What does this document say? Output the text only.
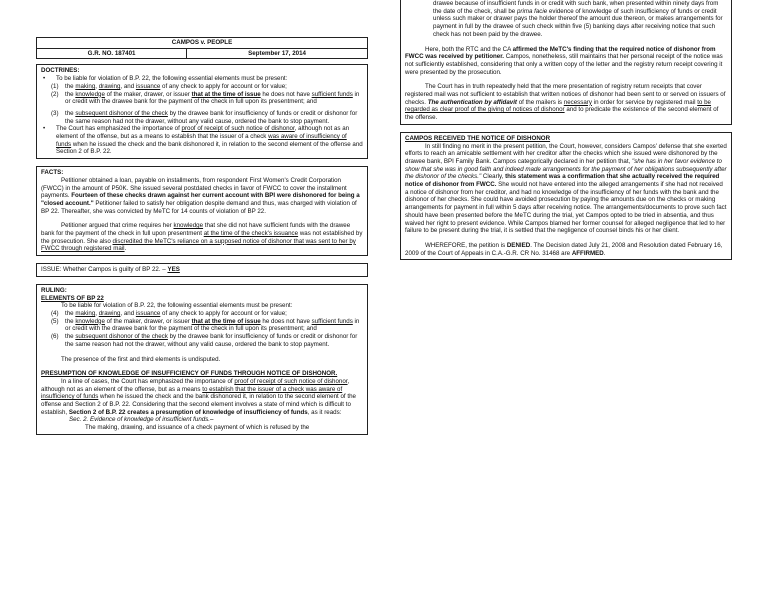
CAMPOS v. PEOPLE
G.R. NO. 187401	September 17, 2014

DOCTRINES:

•	To be liable for violation of B.P. 22, the following essential elements must be present:
(1)	the making, drawing, and issuance of any check to apply for account or for value;
(2)	the knowledge of the maker, drawer, or issuer that at the time of issue he does not have sufficient funds in or credit with the drawee bank for the payment of the check in full upon its presentment; and
(3)	the subsequent dishonor of the check by the drawee bank for insufficiency of funds or credit or dishonor for the same reason had not the drawer, without any valid cause, ordered the bank to stop payment.
•	The Court has emphasized the importance of proof of receipt of such notice of dishonor, although not as an element of the offense, but as a means to establish that the issuer of a check was aware of insufficiency of funds when he issued the check and the bank dishonored it, in relation to the second element of the offense and Section 2 of B.P. 22.

FACTS:

Petitioner obtained a loan, payable on installments, from respondent First Women's Credit Corporation (FWCC) in the amount of P50K. She issued several postdated checks in favor of FWCC to cover the installment payments. Fourteen of these checks drawn against her current account with BPI were dishonored for being a "closed account." Petitioner failed to satisfy her obligation despite demand and thus, was charged with violation of BP 22. Thereafter, she was convicted by MeTC for 14 counts of violation of BP 22.

Petitioner argued that crime requires her knowledge that she did not have sufficient funds with the drawee bank for the payment of the check in full upon presentment at the time of the check's issuance was not established by the prosecution. She also discredited the MeTC's reliance on a supposed notice of dishonor that was sent to her by FWCC through registered mail.

ISSUE: Whether Campos is guilty of BP 22. – YES

RULING:

ELEMENTS OF BP 22

To be liable for violation of B.P. 22, the following essential elements must be present:

(4)	the making, drawing, and issuance of any check to apply for account or for value;
(5)	the knowledge of the maker, drawer, or issuer that at the time of issue he does not have sufficient funds in or credit with the drawee bank for the payment of the check in full upon its presentment; and
(6)	the subsequent dishonor of the check by the drawee bank for insufficiency of funds or credit or dishonor for the same reason had not the drawer, without any valid cause, ordered the bank to stop payment.

The presence of the first and third elements is undisputed.

PRESUMPTION OF KNOWLEDGE OF INSUFFICIENCY OF FUNDS THROUGH NOTICE OF DISHONOR.

In a line of cases, the Court has emphasized the importance of proof of receipt of such notice of dishonor, although not as an element of the offense, but as a means to establish that the issuer of a check was aware of insufficiency of funds when he issued the check and the bank dishonored it, in relation to the second element of the offense and Section 2 of B.P. 22. Considering that the second element involves a state of mind which is difficult to establish, Section 2 of B.P. 22 creates a presumption of knowledge of insufficiency of funds, as it reads:

Sec. 2. Evidence of knowledge of insufficient funds.–

The making, drawing, and issuance of a check payment of which is refused by the

drawee because of insufficient funds in or credit with such bank, when presented within ninety days from the date of the check, shall be prima facie evidence of knowledge of such insufficiency of funds or credit unless such maker or drawer pays the holder thereof the amount due thereon, or makes arrangements for payment in full by the drawee of such check within five (5) banking days after receiving notice that such check has not been paid by the drawee.

Here, both the RTC and the CA affirmed the MeTC's finding that the required notice of dishonor from FWCC was received by petitioner. Campos, nonetheless, still maintains that her personal receipt of the notice was not sufficiently established, considering that only a written copy of the letter and the registry return receipt covering it were presented by the prosecution.

The Court has in truth repeatedly held that the mere presentation of registry return receipts that cover registered mail was not sufficient to establish that written notices of dishonor had been sent to or served on issuers of checks. The authentication by affidavit of the mailers is necessary in order for service by registered mail to be regarded as clear proof of the giving of notices of dishonor and to predicate the existence of the second element of the offense.

CAMPOS RECEIVED THE NOTICE OF DISHONOR

In still finding no merit in the present petition, the Court, however, considers Campos' defense that she exerted efforts to reach an amicable settlement with her creditor after the checks which she issued were dishonored by the drawee bank, BPI Family Bank. Campos categorically declared in her petition that, "she has in her favor evidence to show that she was in good faith and indeed made arrangements for the payment of her obligations subsequently after the dishonor of the checks." Clearly, this statement was a confirmation that she actually received the required notice of dishonor from FWCC. She would not have entered into the alleged arrangements if she had not received a notice of dishonor from her creditor, and had no knowledge of the insufficiency of her funds with the bank and the dishonor of her checks. She could have avoided prosecution by paying the amounts due on the checks or making arrangements for payment in full within 5 days after receiving notice. The arrangements/documents to prove such fact should have been presented before the MeTC during the trial, yet Campos opted to be tried in absentia, and thus waived her right to present evidence. While Campos blamed her former counsel for alleged negligence that led to her failure to be present during the trial, it is settled that the negligence of counsel binds his or her client.

WHEREFORE, the petition is DENIED. The Decision dated July 21, 2008 and Resolution dated February 16, 2009 of the Court of Appeals in C.A.-G.R. CR No. 31468 are AFFIRMED.
